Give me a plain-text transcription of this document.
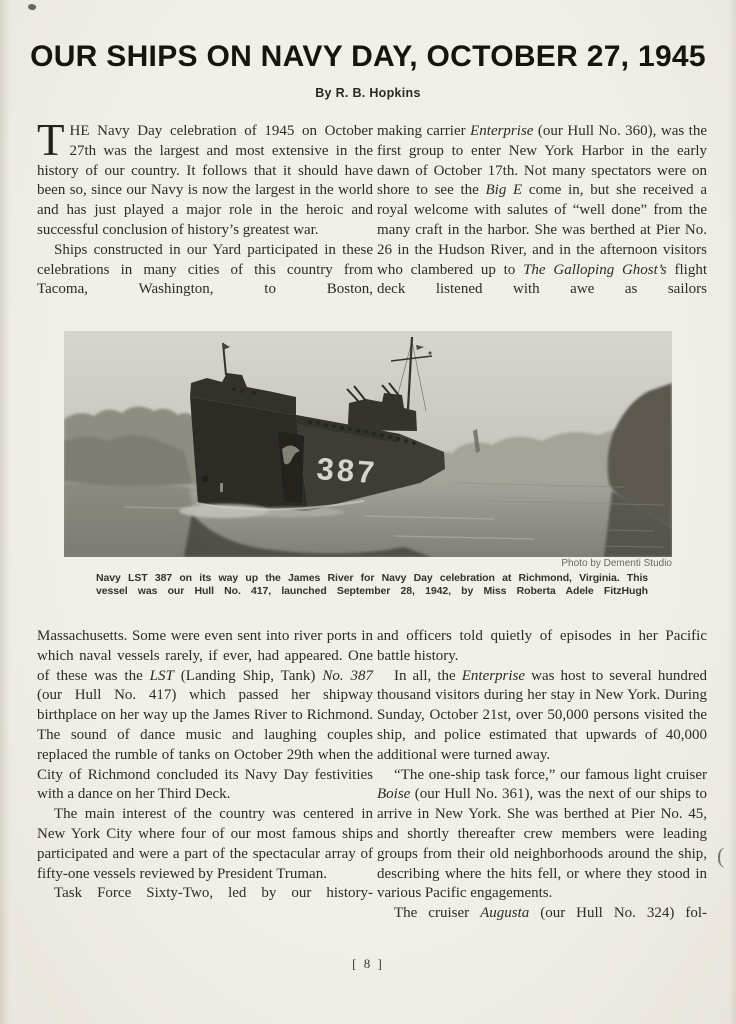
OUR SHIPS ON NAVY DAY, OCTOBER 27, 1945
By R. B. Hopkins

THE Navy Day celebration of 1945 on October 27th was the largest and most extensive in the history of our country. It follows that it should have been so, since our Navy is now the largest in the world and has just played a major role in the heroic and successful conclusion of history’s greatest war.

Ships constructed in our Yard participated in these celebrations in many cities of this country from Tacoma, Washington, to Boston,

making carrier Enterprise (our Hull No. 360), was the first group to enter New York Harbor in the early dawn of October 17th. Not many spectators were on shore to see the Big E come in, but she received a royal welcome with salutes of “well done” from the many craft in the harbor. She was berthed at Pier No. 26 in the Hudson River, and in the afternoon visitors who clambered up to The Galloping Ghost’s flight deck listened with awe as sailors

387
Photo by Dementi Studio
Navy LST 387 on its way up the James River for Navy Day celebration at Richmond, Virginia. This
vessel was our Hull No. 417, launched September 28, 1942, by Miss Roberta Adele FitzHugh

Massachusetts. Some were even sent into river ports in which naval vessels rarely, if ever, had appeared. One of these was the LST (Landing Ship, Tank) No. 387 (our Hull No. 417) which passed her shipway birthplace on her way up the James River to Richmond. The sound of dance music and laughing couples replaced the rumble of tanks on October 29th when the City of Richmond concluded its Navy Day festivities with a dance on her Third Deck.

The main interest of the country was centered in New York City where four of our most famous ships participated and were a part of the spectacular array of fifty-one vessels reviewed by President Truman.

Task Force Sixty-Two, led by our history-

and officers told quietly of episodes in her Pacific battle history.

In all, the Enterprise was host to several hundred thousand visitors during her stay in New York. During Sunday, October 21st, over 50,000 persons visited the ship, and police estimated that upwards of 40,000 additional were turned away.

“The one-ship task force,” our famous light cruiser Boise (our Hull No. 361), was the next of our ships to arrive in New York. She was berthed at Pier No. 45, and shortly thereafter crew members were leading groups from their old neighborhoods around the ship, describing where the hits fell, or where they stood in various Pacific engagements.

The cruiser Augusta (our Hull No. 324) fol-

(
[ 8 ]
